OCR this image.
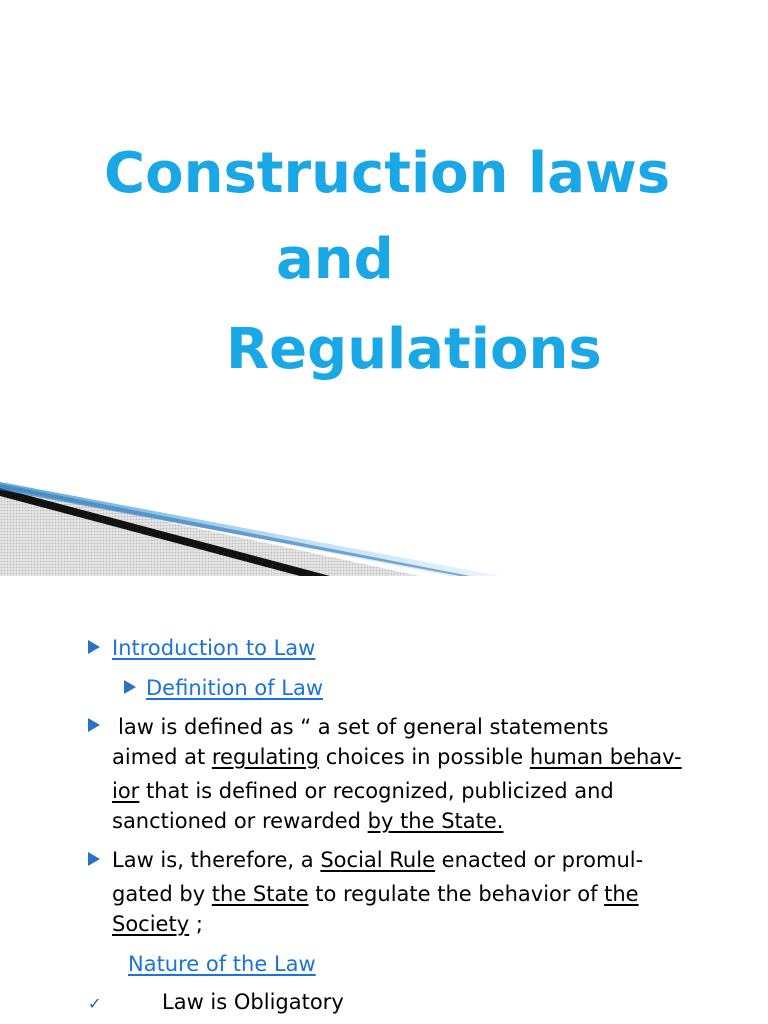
Construction laws
and
Regulations
Introduction to Law
Definition of Law
law is defined as “ a set of general statements
aimed at regulating choices in possible human behav-
ior that is defined or recognized, publicized and
sanctioned or rewarded by the State.
Law is, therefore, a Social Rule enacted or promul-
gated by the State to regulate the behavior of the
Society ;
Nature of the Law
✓	Law is Obligatory
